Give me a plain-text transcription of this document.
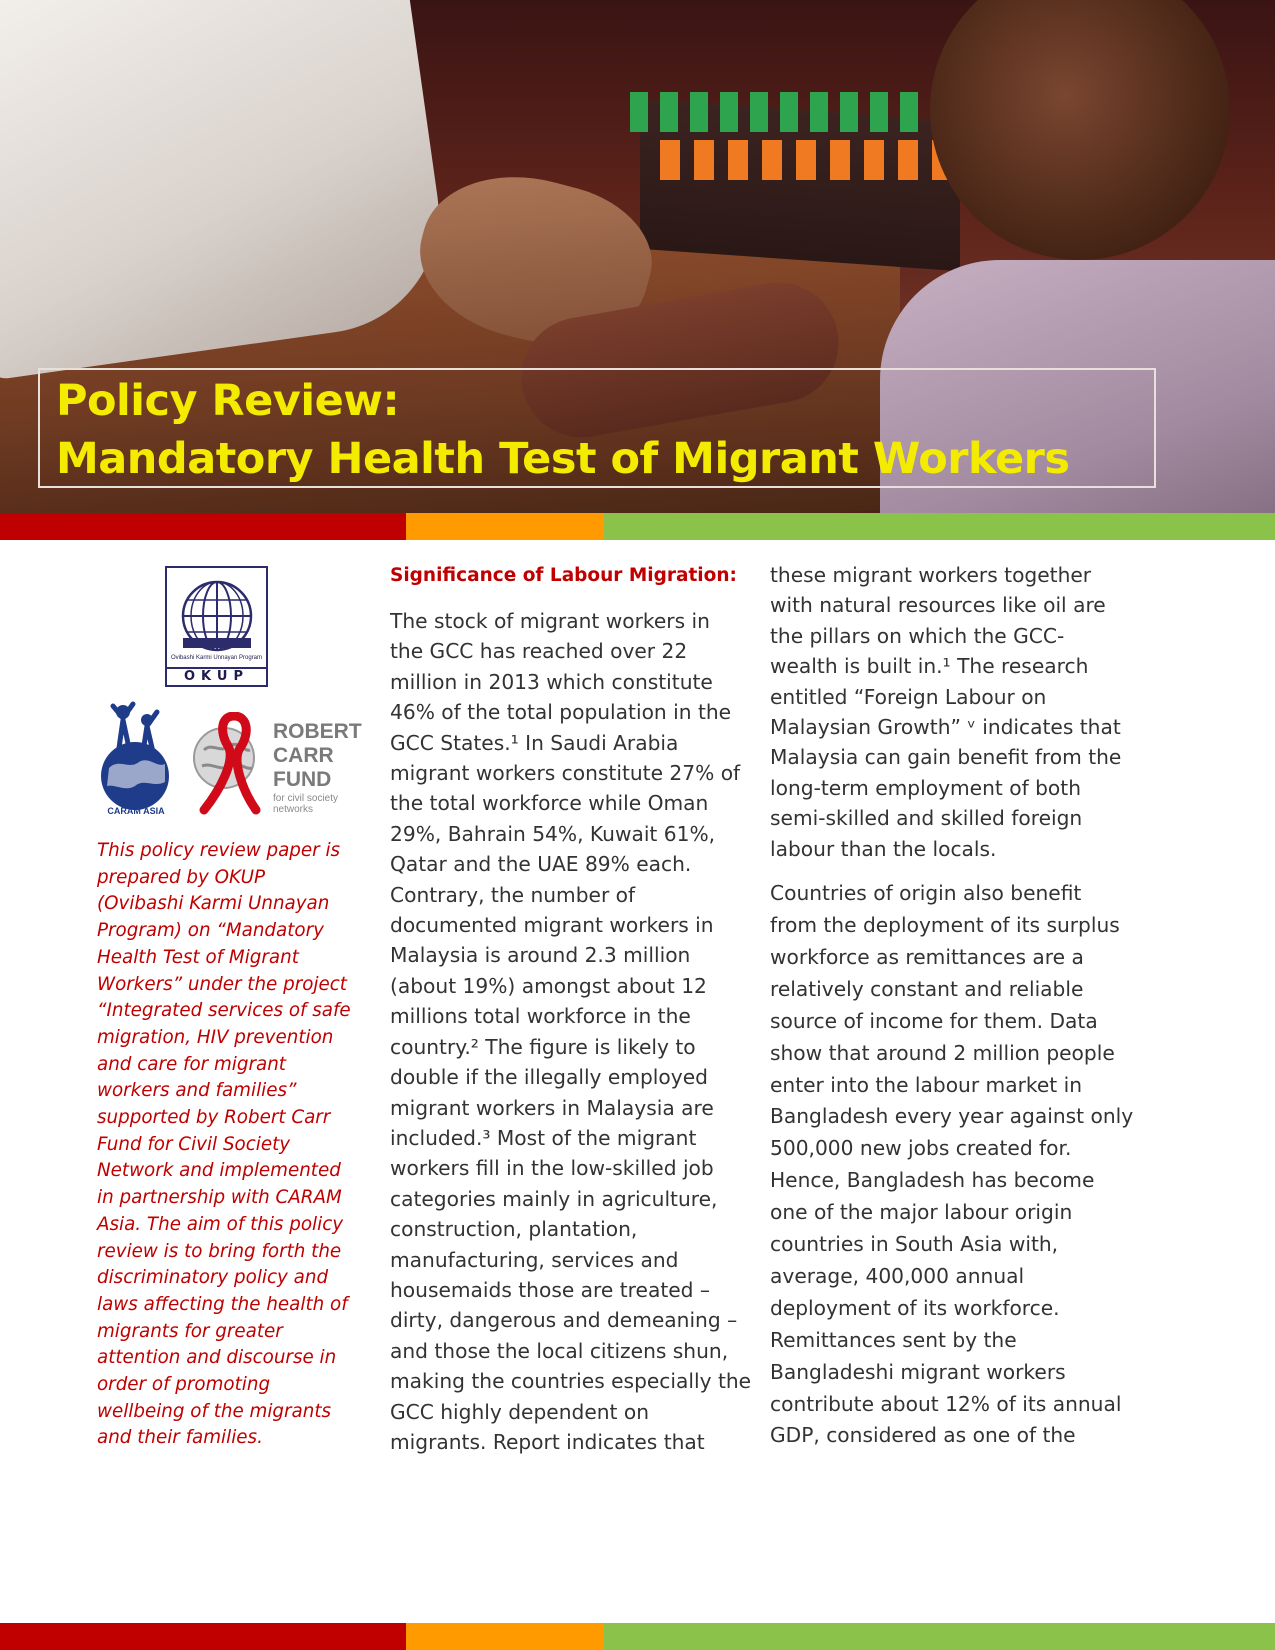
Policy Review:
Mandatory Health Test of Migrant Workers
Ovibashi Karmi Unnayan Program
OKUP
CARAM ASIA
ROBERT
CARR
FUND
for civil society
networks
This policy review paper is
prepared by OKUP
(Ovibashi Karmi Unnayan
Program) on “Mandatory
Health Test of Migrant
Workers” under the project
“Integrated services of safe
migration, HIV prevention
and care for migrant
workers and families”
supported by Robert Carr
Fund for Civil Society
Network and implemented
in partnership with CARAM
Asia. The aim of this policy
review is to bring forth the
discriminatory policy and
laws affecting the health of
migrants for greater
attention and discourse in
order of promoting
wellbeing of the migrants
and their families.
Significance of Labour Migration:
The stock of migrant workers in
the GCC has reached over 22
million in 2013 which constitute
46% of the total population in the
GCC States.¹ In Saudi Arabia
migrant workers constitute 27% of
the total workforce while Oman
29%, Bahrain 54%, Kuwait 61%,
Qatar and the UAE 89% each.
Contrary, the number of
documented migrant workers in
Malaysia is around 2.3 million
(about 19%) amongst about 12
millions total workforce in the
country.² The figure is likely to
double if the illegally employed
migrant workers in Malaysia are
included.³ Most of the migrant
workers fill in the low-skilled job
categories mainly in agriculture,
construction, plantation,
manufacturing, services and
housemaids those are treated –
dirty, dangerous and demeaning –
and those the local citizens shun,
making the countries especially the
GCC highly dependent on
migrants. Report indicates that
these migrant workers together
with natural resources like oil are
the pillars on which the GCC-
wealth is built in.¹ The research
entitled “Foreign Labour on
Malaysian Growth” ᵛ indicates that
Malaysia can gain benefit from the
long-term employment of both
semi-skilled and skilled foreign
labour than the locals.
Countries of origin also benefit
from the deployment of its surplus
workforce as remittances are a
relatively constant and reliable
source of income for them. Data
show that around 2 million people
enter into the labour market in
Bangladesh every year against only
500,000 new jobs created for.
Hence, Bangladesh has become
one of the major labour origin
countries in South Asia with,
average, 400,000 annual
deployment of its workforce.
Remittances sent by the
Bangladeshi migrant workers
contribute about 12% of its annual
GDP, considered as one of the
